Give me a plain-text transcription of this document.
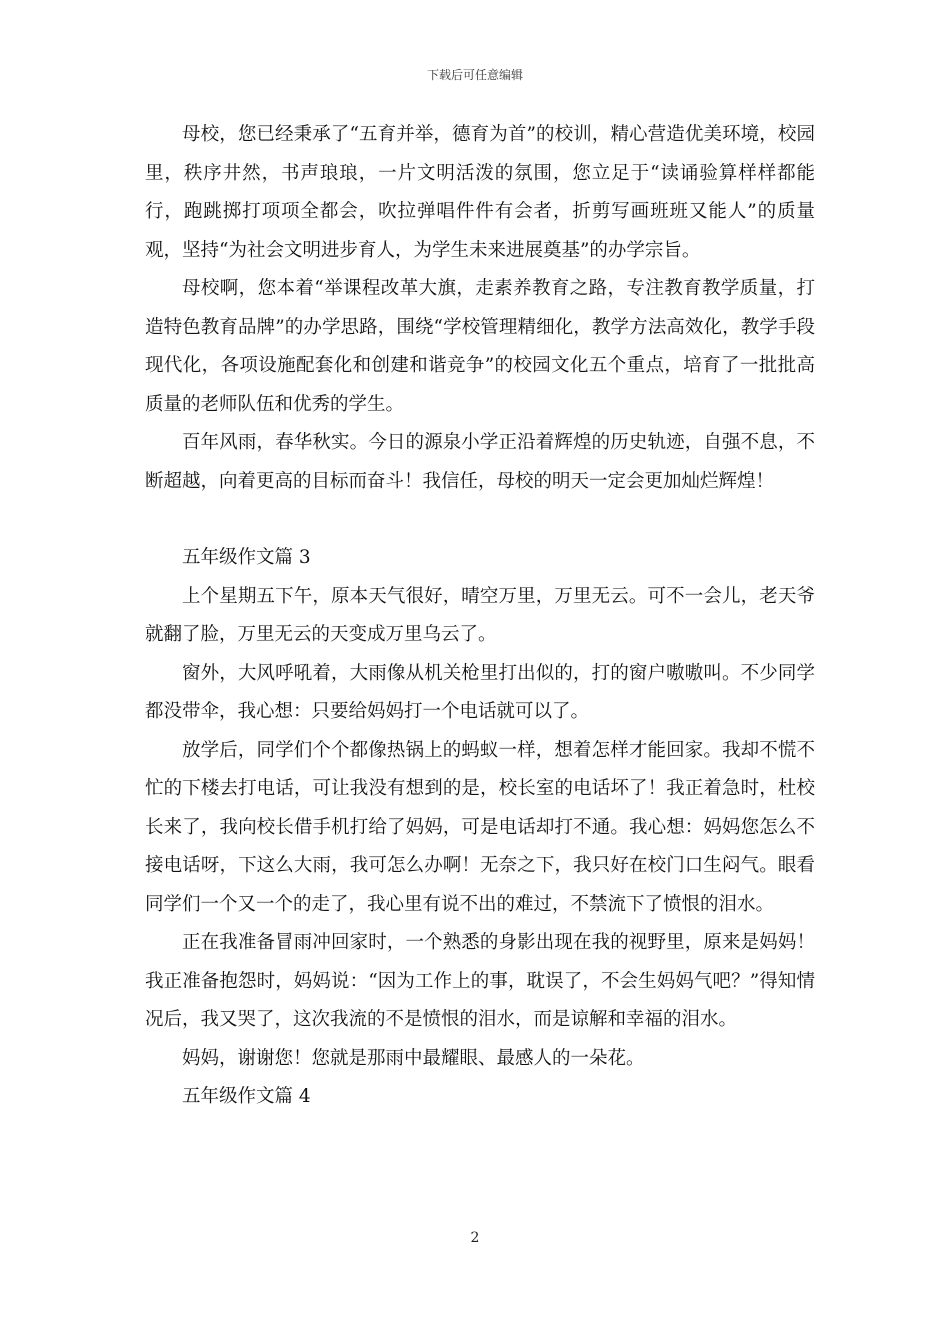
下载后可任意编辑

母校，您已经秉承了“五育并举，德育为首”的校训，精心营造优美环境，校园里，秩序井然，书声琅琅，一片文明活泼的氛围，您立足于“读诵验算样样都能行，跑跳掷打项项全都会，吹拉弹唱件件有会者，折剪写画班班又能人”的质量观，坚持“为社会文明进步育人，为学生未来进展奠基”的办学宗旨。

母校啊，您本着“举课程改革大旗，走素养教育之路，专注教育教学质量，打造特色教育品牌”的办学思路，围绕“学校管理精细化，教学方法高效化，教学手段现代化，各项设施配套化和创建和谐竞争”的校园文化五个重点，培育了一批批高质量的老师队伍和优秀的学生。

百年风雨，春华秋实。今日的源泉小学正沿着辉煌的历史轨迹，自强不息，不断超越，向着更高的目标而奋斗！我信任，母校的明天一定会更加灿烂辉煌！

五年级作文篇 3

上个星期五下午，原本天气很好，晴空万里，万里无云。可不一会儿，老天爷就翻了脸，万里无云的天变成万里乌云了。

窗外，大风呼吼着，大雨像从机关枪里打出似的，打的窗户嗷嗷叫。不少同学都没带伞，我心想：只要给妈妈打一个电话就可以了。

放学后，同学们个个都像热锅上的蚂蚁一样，想着怎样才能回家。我却不慌不忙的下楼去打电话，可让我没有想到的是，校长室的电话坏了！我正着急时，杜校长来了，我向校长借手机打给了妈妈，可是电话却打不通。我心想：妈妈您怎么不接电话呀，下这么大雨，我可怎么办啊！无奈之下，我只好在校门口生闷气。眼看同学们一个又一个的走了，我心里有说不出的难过，不禁流下了愤恨的泪水。

正在我准备冒雨冲回家时，一个熟悉的身影出现在我的视野里，原来是妈妈！我正准备抱怨时，妈妈说：“因为工作上的事，耽误了，不会生妈妈气吧？”得知情况后，我又哭了，这次我流的不是愤恨的泪水，而是谅解和幸福的泪水。

妈妈，谢谢您！您就是那雨中最耀眼、最感人的一朵花。

五年级作文篇 4

2
